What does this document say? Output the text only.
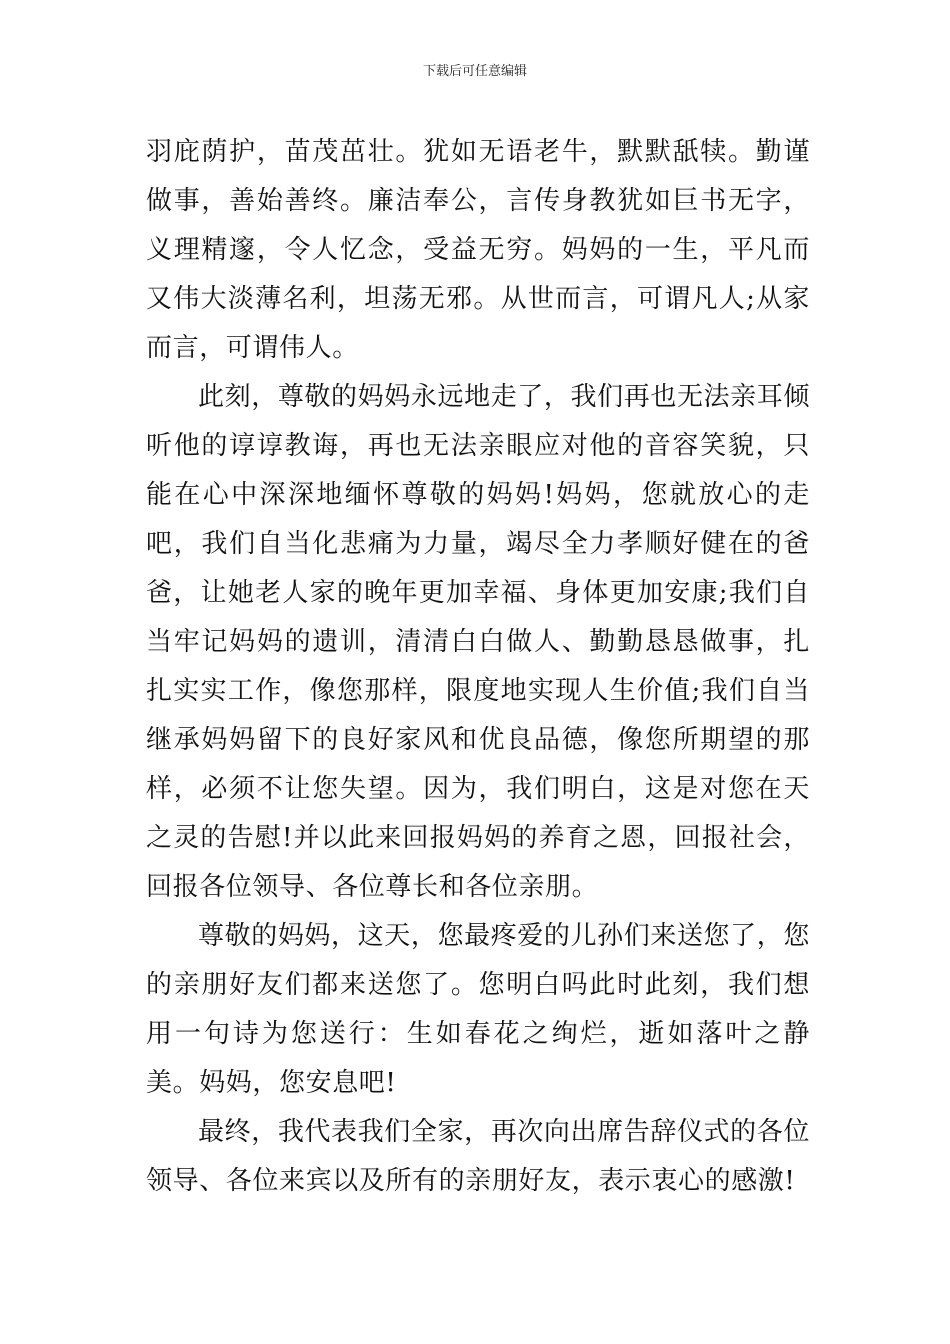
下载后可任意编辑

羽庇荫护，苗茂茁壮。犹如无语老牛，默默舐犊。勤谨做事，善始善终。廉洁奉公，言传身教犹如巨书无字，义理精邃，令人忆念，受益无穷。妈妈的一生，平凡而又伟大淡薄名利，坦荡无邪。从世而言，可谓凡人;从家而言，可谓伟人。

此刻，尊敬的妈妈永远地走了，我们再也无法亲耳倾听他的谆谆教诲，再也无法亲眼应对他的音容笑貌，只能在心中深深地缅怀尊敬的妈妈!妈妈，您就放心的走吧，我们自当化悲痛为力量，竭尽全力孝顺好健在的爸爸，让她老人家的晚年更加幸福、身体更加安康;我们自当牢记妈妈的遗训，清清白白做人、勤勤恳恳做事，扎扎实实工作，像您那样，限度地实现人生价值;我们自当继承妈妈留下的良好家风和优良品德，像您所期望的那样，必须不让您失望。因为，我们明白，这是对您在天之灵的告慰!并以此来回报妈妈的养育之恩，回报社会，回报各位领导、各位尊长和各位亲朋。

尊敬的妈妈，这天，您最疼爱的儿孙们来送您了，您的亲朋好友们都来送您了。您明白吗此时此刻，我们想用一句诗为您送行：生如春花之绚烂，逝如落叶之静美。妈妈，您安息吧!

最终，我代表我们全家，再次向出席告辞仪式的各位领导、各位来宾以及所有的亲朋好友，表示衷心的感激!
